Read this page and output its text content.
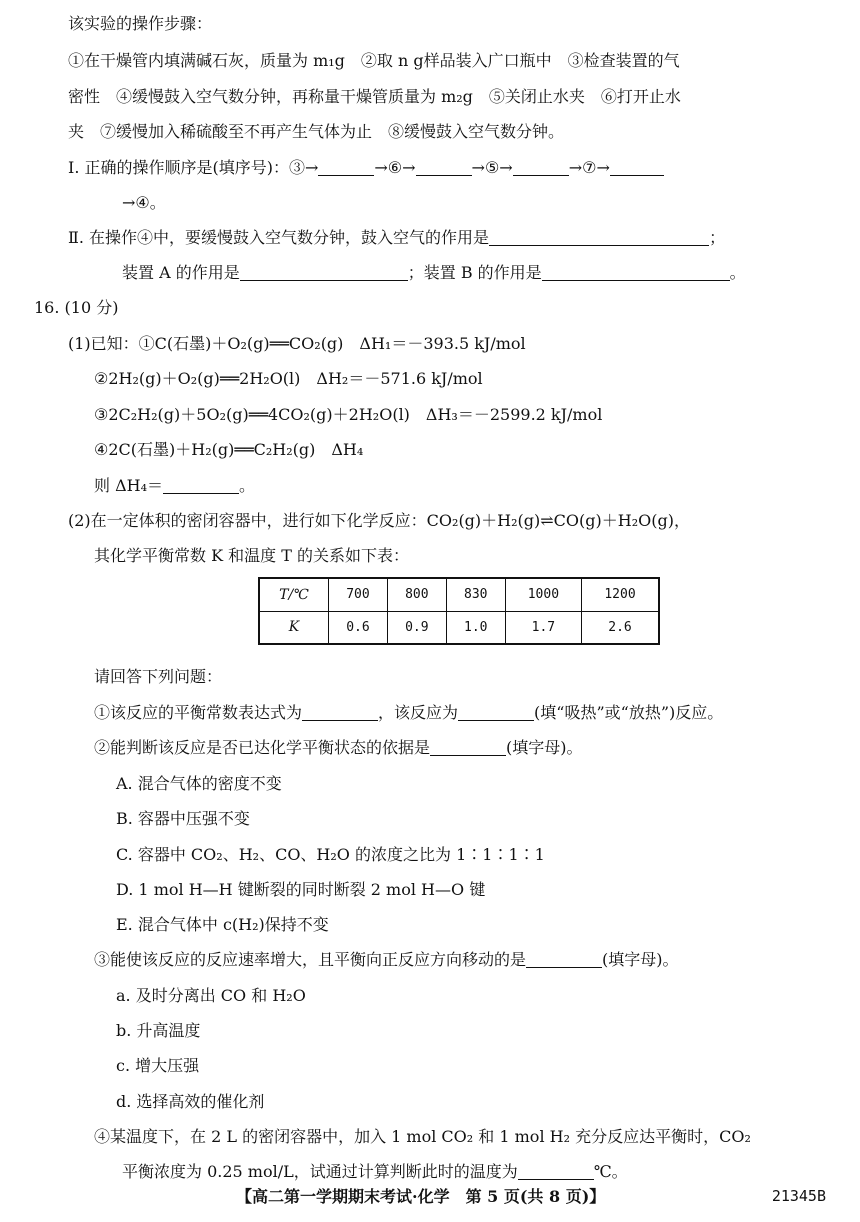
该实验的操作步骤：
①在干燥管内填满碱石灰，质量为 m₁g　②取 n g样品装入广口瓶中　③检查装置的气
密性　④缓慢鼓入空气数分钟，再称量干燥管质量为 m₂g　⑤关闭止水夹　⑥打开止水
夹　⑦缓慢加入稀硫酸至不再产生气体为止　⑧缓慢鼓入空气数分钟。
Ⅰ. 正确的操作顺序是(填序号)：③→	→⑥→	→⑤→	→⑦→
→④。
Ⅱ. 在操作④中，要缓慢鼓入空气数分钟，鼓入空气的作用是	；
装置 A 的作用是	；装置 B 的作用是	。
16. (10 分)
(1)已知：①C(石墨)＋O₂(g)══CO₂(g)　ΔH₁＝－393.5 kJ/mol
②2H₂(g)＋O₂(g)══2H₂O(l)　ΔH₂＝－571.6 kJ/mol
③2C₂H₂(g)＋5O₂(g)══4CO₂(g)＋2H₂O(l)　ΔH₃＝－2599.2 kJ/mol
④2C(石墨)＋H₂(g)══C₂H₂(g)　ΔH₄
则 ΔH₄＝	。
(2)在一定体积的密闭容器中，进行如下化学反应：CO₂(g)＋H₂(g)⇌CO(g)＋H₂O(g)，
其化学平衡常数 K 和温度 T 的关系如下表：
T/℃	700	800	830	1000	1200
K	0.6	0.9	1.0	1.7	2.6
请回答下列问题：
①该反应的平衡常数表达式为	，该反应为	(填“吸热”或“放热”)反应。
②能判断该反应是否已达化学平衡状态的依据是	(填字母)。
A. 混合气体的密度不变
B. 容器中压强不变
C. 容器中 CO₂、H₂、CO、H₂O 的浓度之比为 1∶1∶1∶1
D. 1 mol H—H 键断裂的同时断裂 2 mol H—O 键
E. 混合气体中 c(H₂)保持不变
③能使该反应的反应速率增大，且平衡向正反应方向移动的是	(填字母)。
a. 及时分离出 CO 和 H₂O
b. 升高温度
c. 增大压强
d. 选择高效的催化剂
④某温度下，在 2 L 的密闭容器中，加入 1 mol CO₂ 和 1 mol H₂ 充分反应达平衡时，CO₂
平衡浓度为 0.25 mol/L，试通过计算判断此时的温度为	℃。
【高二第一学期期末考试·化学　第 5 页(共 8 页)】	21345B
